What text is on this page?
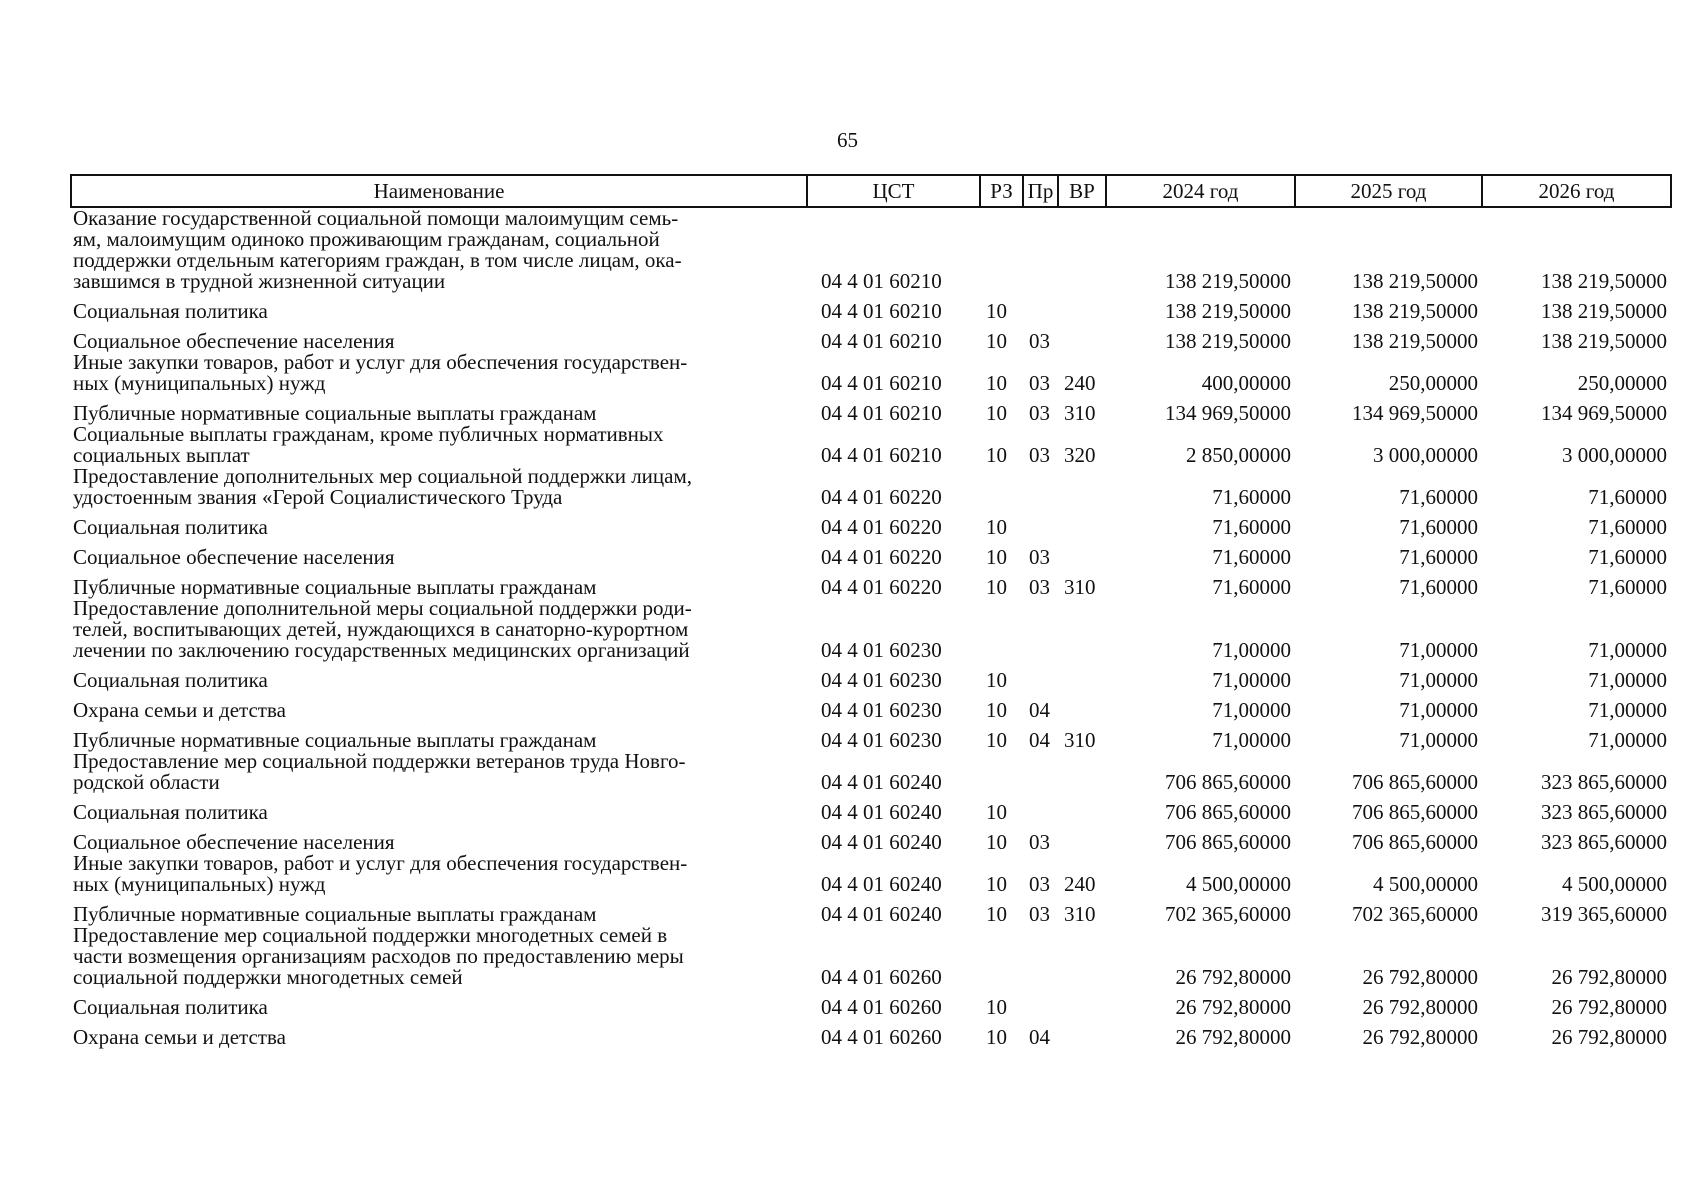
65
Наименование	ЦСТ	РЗ	Пр	ВР	2024 год	2025 год	2026 год
Оказание государственной социальной помощи малоимущим семь-
ям, малоимущим одиноко проживающим гражданам, социальной
поддержки отдельным категориям граждан, в том числе лицам, ока-
завшимся в трудной жизненной ситуации	04 4 01 60210				138 219,50000	138 219,50000	138 219,50000
Социальная политика	04 4 01 60210	10			138 219,50000	138 219,50000	138 219,50000
Социальное обеспечение населения	04 4 01 60210	10	03		138 219,50000	138 219,50000	138 219,50000
Иные закупки товаров, работ и услуг для обеспечения государствен-
ных (муниципальных) нужд	04 4 01 60210	10	03	240	400,00000	250,00000	250,00000
Публичные нормативные социальные выплаты гражданам	04 4 01 60210	10	03	310	134 969,50000	134 969,50000	134 969,50000
Социальные выплаты гражданам, кроме публичных нормативных
социальных выплат	04 4 01 60210	10	03	320	2 850,00000	3 000,00000	3 000,00000
Предоставление дополнительных мер социальной поддержки лицам,
удостоенным звания «Герой Социалистического Труда	04 4 01 60220				71,60000	71,60000	71,60000
Социальная политика	04 4 01 60220	10			71,60000	71,60000	71,60000
Социальное обеспечение населения	04 4 01 60220	10	03		71,60000	71,60000	71,60000
Публичные нормативные социальные выплаты гражданам	04 4 01 60220	10	03	310	71,60000	71,60000	71,60000
Предоставление дополнительной меры социальной поддержки роди-
телей, воспитывающих детей, нуждающихся в санаторно-курортном
лечении по заключению государственных медицинских организаций	04 4 01 60230				71,00000	71,00000	71,00000
Социальная политика	04 4 01 60230	10			71,00000	71,00000	71,00000
Охрана семьи и детства	04 4 01 60230	10	04		71,00000	71,00000	71,00000
Публичные нормативные социальные выплаты гражданам	04 4 01 60230	10	04	310	71,00000	71,00000	71,00000
Предоставление мер социальной поддержки ветеранов труда Новго-
родской области	04 4 01 60240				706 865,60000	706 865,60000	323 865,60000
Социальная политика	04 4 01 60240	10			706 865,60000	706 865,60000	323 865,60000
Социальное обеспечение населения	04 4 01 60240	10	03		706 865,60000	706 865,60000	323 865,60000
Иные закупки товаров, работ и услуг для обеспечения государствен-
ных (муниципальных) нужд	04 4 01 60240	10	03	240	4 500,00000	4 500,00000	4 500,00000
Публичные нормативные социальные выплаты гражданам	04 4 01 60240	10	03	310	702 365,60000	702 365,60000	319 365,60000
Предоставление мер социальной поддержки многодетных семей в
части возмещения организациям расходов по предоставлению меры
социальной поддержки многодетных семей	04 4 01 60260				26 792,80000	26 792,80000	26 792,80000
Социальная политика	04 4 01 60260	10			26 792,80000	26 792,80000	26 792,80000
Охрана семьи и детства	04 4 01 60260	10	04		26 792,80000	26 792,80000	26 792,80000
